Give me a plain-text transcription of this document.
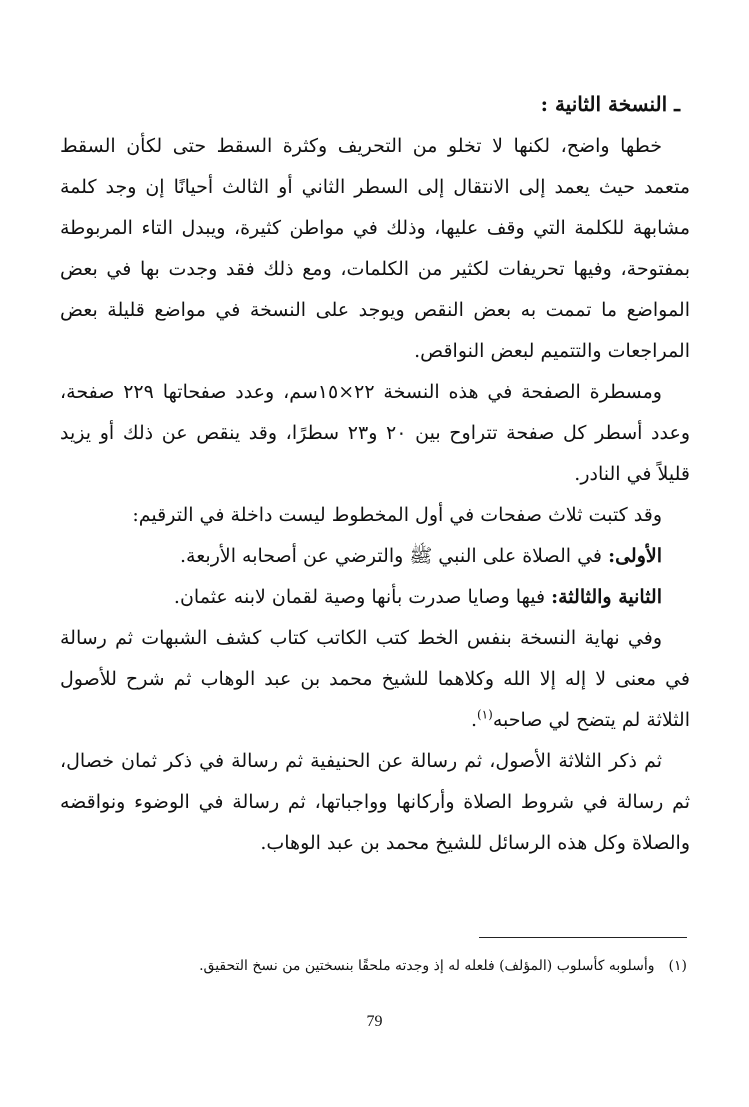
ـ النسخة الثانية :

خطها واضح، لكنها لا تخلو من التحريف وكثرة السقط حتى لكأن السقط متعمد حيث يعمد إلى الانتقال إلى السطر الثاني أو الثالث أحيانًا إن وجد كلمة مشابهة للكلمة التي وقف عليها، وذلك في مواطن كثيرة، ويبدل التاء المربوطة بمفتوحة، وفيها تحريفات لكثير من الكلمات، ومع ذلك فقد وجدت بها في بعض المواضع ما تممت به بعض النقص ويوجد على النسخة في مواضع قليلة بعض المراجعات والتتميم لبعض النواقص.

ومسطرة الصفحة في هذه النسخة ٢٢×١٥سم، وعدد صفحاتها ٢٢٩ صفحة، وعدد أسطر كل صفحة تتراوح بين ٢٠ و٢٣ سطرًا، وقد ينقص عن ذلك أو يزيد قليلاً في النادر.

وقد كتبت ثلاث صفحات في أول المخطوط ليست داخلة في الترقيم:

الأولى: في الصلاة على النبي ﷺ والترضي عن أصحابه الأربعة.

الثانية والثالثة: فيها وصايا صدرت بأنها وصية لقمان لابنه عثمان.

وفي نهاية النسخة بنفس الخط كتب الكاتب كتاب كشف الشبهات ثم رسالة في معنى لا إله إلا الله وكلاهما للشيخ محمد بن عبد الوهاب ثم شرح للأصول الثلاثة لم يتضح لي صاحبه$^{(١)}$.

ثم ذكر الثلاثة الأصول، ثم رسالة عن الحنيفية ثم رسالة في ذكر ثمان خصال، ثم رسالة في شروط الصلاة وأركانها وواجباتها، ثم رسالة في الوضوء ونواقضه والصلاة وكل هذه الرسائل للشيخ محمد بن عبد الوهاب.

(١)وأسلوبه كأسلوب (المؤلف) فلعله له إذ وجدته ملحقًا بنسختين من نسخ التحقيق.
79
